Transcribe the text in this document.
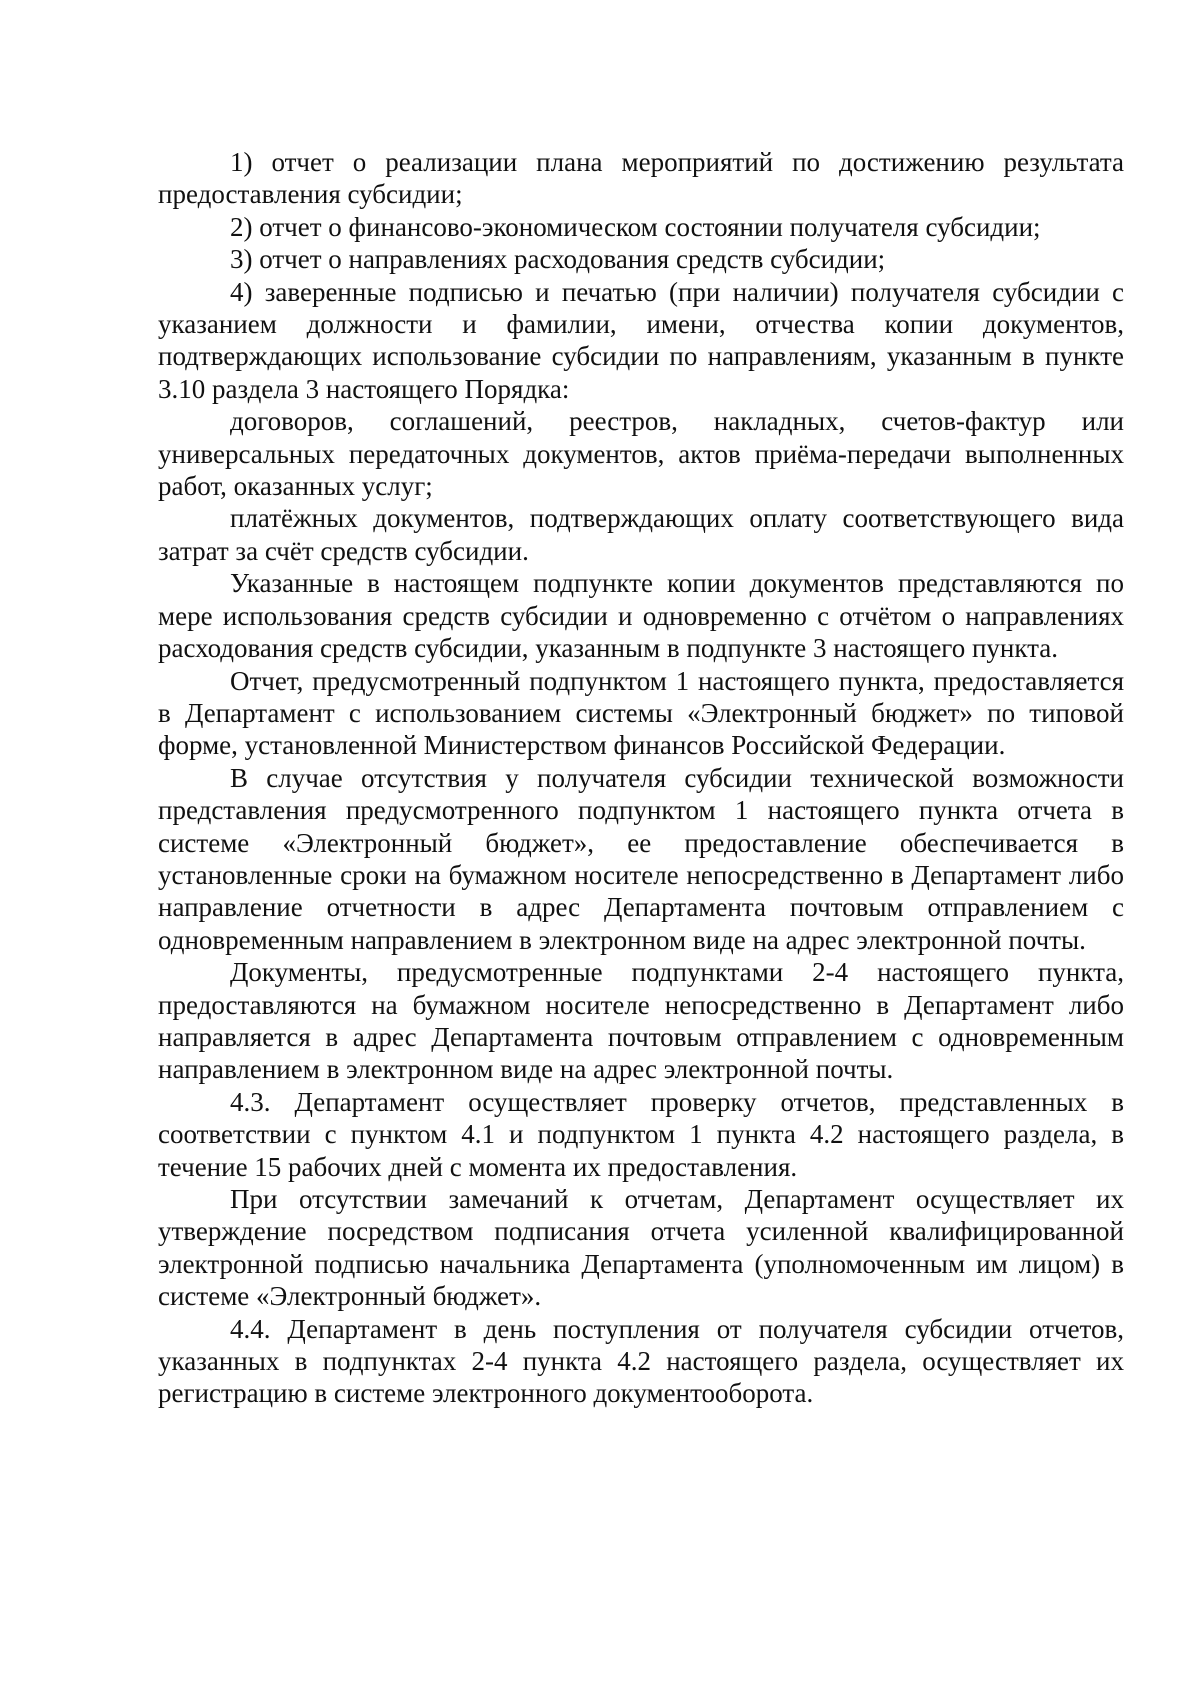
1) отчет о реализации плана мероприятий по достижению результата предоставления субсидии;

2) отчет о финансово-экономическом состоянии получателя субсидии;

3) отчет о направлениях расходования средств субсидии;

4) заверенные подписью и печатью (при наличии) получателя субсидии с указанием должности и фамилии, имени, отчества копии документов, подтверждающих использование субсидии по направлениям, указанным в пункте 3.10 раздела 3 настоящего Порядка:

договоров, соглашений, реестров, накладных, счетов-фактур или универсальных передаточных документов, актов приёма-передачи выполненных работ, оказанных услуг;

платёжных документов, подтверждающих оплату соответствующего вида затрат за счёт средств субсидии.

Указанные в настоящем подпункте копии документов представляются по мере использования средств субсидии и одновременно с отчётом о направлениях расходования средств субсидии, указанным в подпункте 3 настоящего пункта.

Отчет, предусмотренный подпунктом 1 настоящего пункта, предоставляется в Департамент с использованием системы «Электронный бюджет» по типовой форме, установленной Министерством финансов Российской Федерации.

В случае отсутствия у получателя субсидии технической возможности представления предусмотренного подпунктом 1 настоящего пункта отчета в системе «Электронный бюджет», ее предоставление обеспечивается в установленные сроки на бумажном носителе непосредственно в Департамент либо направление отчетности в адрес Департамента почтовым отправлением с одновременным направлением в электронном виде на адрес электронной почты.

Документы, предусмотренные подпунктами 2-4 настоящего пункта, предоставляются на бумажном носителе непосредственно в Департамент либо направляется в адрес Департамента почтовым отправлением с одновременным направлением в электронном виде на адрес электронной почты.

4.3. Департамент осуществляет проверку отчетов, представленных в соответствии с пунктом 4.1 и подпунктом 1 пункта 4.2 настоящего раздела, в течение 15 рабочих дней с момента их предоставления.

При отсутствии замечаний к отчетам, Департамент осуществляет их утверждение посредством подписания отчета усиленной квалифицированной электронной подписью начальника Департамента (уполномоченным им лицом) в системе «Электронный бюджет».

4.4. Департамент в день поступления от получателя субсидии отчетов, указанных в подпунктах 2-4 пункта 4.2 настоящего раздела, осуществляет их регистрацию в системе электронного документооборота.
